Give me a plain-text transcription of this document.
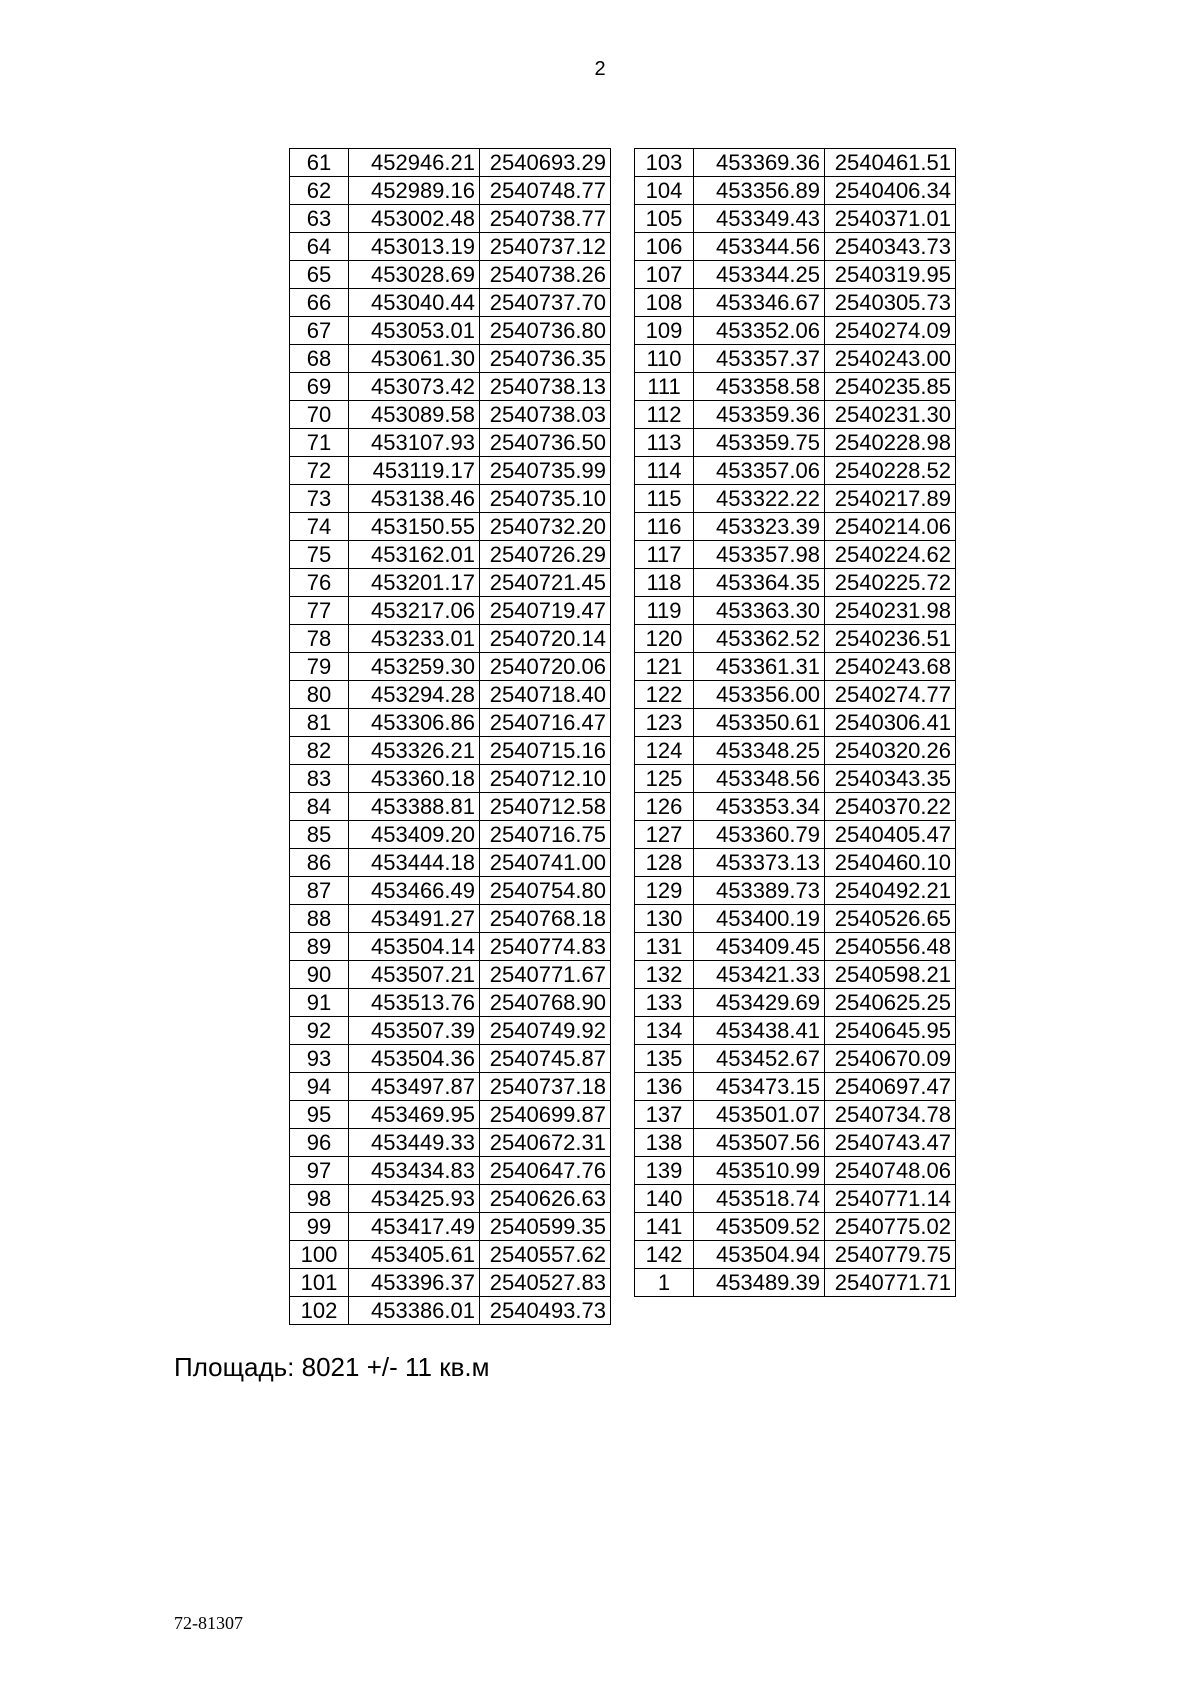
2
61	452946.21	2540693.29
62	452989.16	2540748.77
63	453002.48	2540738.77
64	453013.19	2540737.12
65	453028.69	2540738.26
66	453040.44	2540737.70
67	453053.01	2540736.80
68	453061.30	2540736.35
69	453073.42	2540738.13
70	453089.58	2540738.03
71	453107.93	2540736.50
72	453119.17	2540735.99
73	453138.46	2540735.10
74	453150.55	2540732.20
75	453162.01	2540726.29
76	453201.17	2540721.45
77	453217.06	2540719.47
78	453233.01	2540720.14
79	453259.30	2540720.06
80	453294.28	2540718.40
81	453306.86	2540716.47
82	453326.21	2540715.16
83	453360.18	2540712.10
84	453388.81	2540712.58
85	453409.20	2540716.75
86	453444.18	2540741.00
87	453466.49	2540754.80
88	453491.27	2540768.18
89	453504.14	2540774.83
90	453507.21	2540771.67
91	453513.76	2540768.90
92	453507.39	2540749.92
93	453504.36	2540745.87
94	453497.87	2540737.18
95	453469.95	2540699.87
96	453449.33	2540672.31
97	453434.83	2540647.76
98	453425.93	2540626.63
99	453417.49	2540599.35
100	453405.61	2540557.62
101	453396.37	2540527.83
102	453386.01	2540493.73
103	453369.36	2540461.51
104	453356.89	2540406.34
105	453349.43	2540371.01
106	453344.56	2540343.73
107	453344.25	2540319.95
108	453346.67	2540305.73
109	453352.06	2540274.09
110	453357.37	2540243.00
111	453358.58	2540235.85
112	453359.36	2540231.30
113	453359.75	2540228.98
114	453357.06	2540228.52
115	453322.22	2540217.89
116	453323.39	2540214.06
117	453357.98	2540224.62
118	453364.35	2540225.72
119	453363.30	2540231.98
120	453362.52	2540236.51
121	453361.31	2540243.68
122	453356.00	2540274.77
123	453350.61	2540306.41
124	453348.25	2540320.26
125	453348.56	2540343.35
126	453353.34	2540370.22
127	453360.79	2540405.47
128	453373.13	2540460.10
129	453389.73	2540492.21
130	453400.19	2540526.65
131	453409.45	2540556.48
132	453421.33	2540598.21
133	453429.69	2540625.25
134	453438.41	2540645.95
135	453452.67	2540670.09
136	453473.15	2540697.47
137	453501.07	2540734.78
138	453507.56	2540743.47
139	453510.99	2540748.06
140	453518.74	2540771.14
141	453509.52	2540775.02
142	453504.94	2540779.75
1	453489.39	2540771.71
Площадь: 8021 +/- 11 кв.м
72-81307
